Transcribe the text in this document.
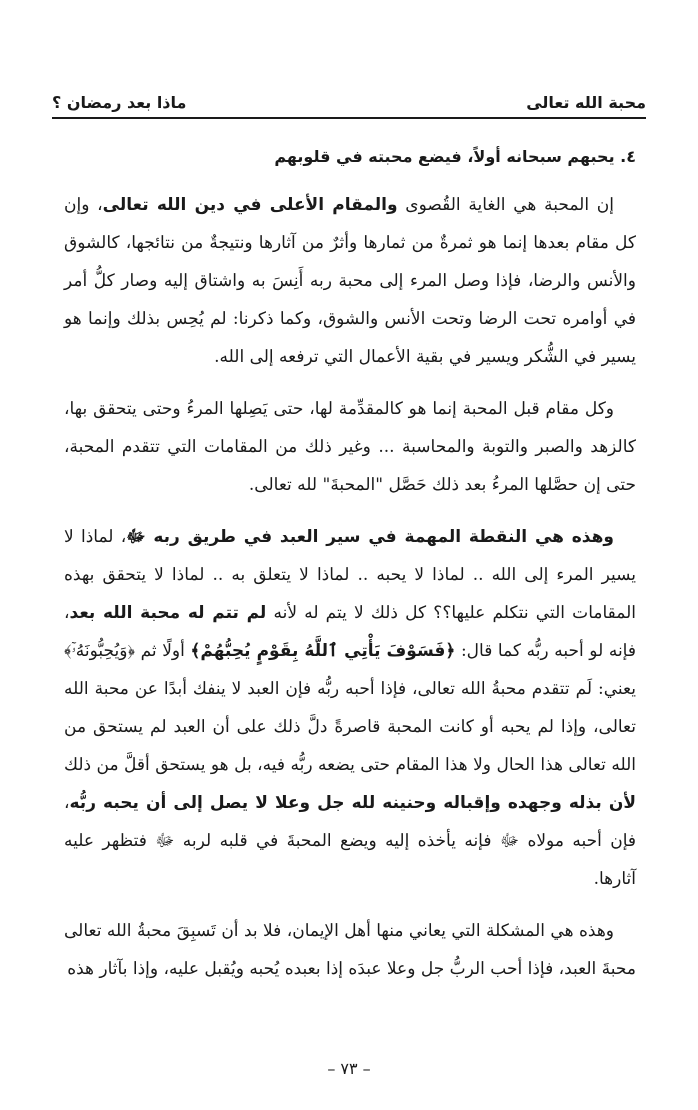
محبة الله تعالى
ماذا بعد رمضان ؟
٤. يحبهم سبحانه أولاً، فيضع محبته في قلوبهم

إن المحبة هي الغاية القُصوى والمقام الأعلى في دين الله تعالى، وإن كل مقام بعدها إنما هو ثمرةٌ من ثمارها وأثرٌ من آثارها ونتيجةٌ من نتائجها، كالشوق والأنس والرضا، فإذا وصل المرء إلى محبة ربه أَنِسَ به واشتاق إليه وصار كلُّ أمر في أوامره تحت الرضا وتحت الأنس والشوق، وكما ذكرنا: لم يُحِس بذلك وإنما هو يسير في الشُّكر ويسير في بقية الأعمال التي ترفعه إلى الله.

وكل مقام قبل المحبة إنما هو كالمقدِّمة لها، حتى يَصِلها المرءُ وحتى يتحقق بها، كالزهد والصبر والتوبة والمحاسبة ... وغير ذلك من المقامات التي تتقدم المحبة، حتى إن حصَّلها المرءُ بعد ذلك حَصَّل "المحبةَ" لله تعالى.

وهذه هي النقطة المهمة في سير العبد في طريق ربه ﷻ، لماذا لا يسير المرء إلى الله .. لماذا لا يحبه .. لماذا لا يتعلق به .. لماذا لا يتحقق بهذه المقامات التي نتكلم عليها؟؟ كل ذلك لا يتم له لأنه لم تتم له محبة الله بعد، فإنه لو أحبه ربُّه كما قال: ﴿فَسَوْفَ يَأْتِي ٱللَّهُ بِقَوْمٍ يُحِبُّهُمْ﴾ أولًا ثم ﴿وَيُحِبُّونَهُۥٓ﴾ يعني: لَم تتقدم محبةُ الله تعالى، فإذا أحبه ربُّه فإن العبد لا ينفك أبدًا عن محبة الله تعالى، وإذا لم يحبه أو كانت المحبة قاصرةً دلَّ ذلك على أن العبد لم يستحق من الله تعالى هذا الحال ولا هذا المقام حتى يضعه ربُّه فيه، بل هو يستحق أقلَّ من ذلك لأن بذله وجهده وإقباله وحنينه لله جل وعلا لا يصل إلى أن يحبه ربُّه، فإن أحبه مولاه ﷻ فإنه يأخذه إليه ويضع المحبةَ في قلبه لربه ﷻ فتظهر عليه آثارها.

وهذه هي المشكلة التي يعاني منها أهل الإيمان، فلا بد أن تَسبِقَ محبةُ الله تعالى محبةَ العبد، فإذا أحب الربُّ جل وعلا عبدَه إذا بعبده يُحبه ويُقبل عليه، وإذا بآثار هذه

– ٧٣ –
